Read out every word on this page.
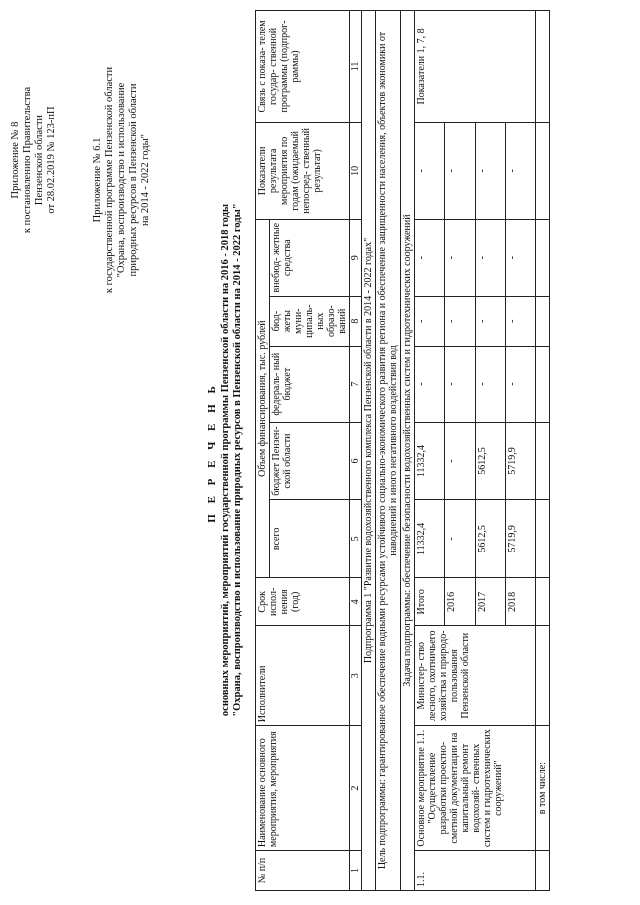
Приложение № 8 к постановлению Правительства Пензенской области от 28.02.2019 № 123-пП	Приложение № 6.1 к государственной программе Пензенской области "Охрана, воспроизводство и использование природных ресурсов в Пензенской области на 2014 - 2022 годы"
П Е Р Е Ч Е Н Ь основных мероприятий, мероприятий государственной программы Пензенской области на 2016 - 2018 годы "Охрана, воспроизводство и использование природных ресурсов в Пензенской области на 2014 - 2022 годы"
№ п/п	Наименование основного мероприятия, мероприятия	Исполнители	Срок испол- нения (год)	Объем финансирования, тыс. рублей					Показатели результата мероприятия по годам (ожидаемый непосред- ственный результат)	Связь с показа- телем государ- ственной программы (подпрог- раммы)
				всего	бюджет Пензен- ской области	федераль- ный бюджет	бюд- жеты муни- ципаль- ных образо- ваний	внебюд- жетные средства		
1	2	3	4	5	6	7	8	9	10	11
Подпрограмма 1 "Развитие водохозяйственного комплекса Пензенской области в 2014 - 2022 годах"										
Цель подпрограммы: гарантированное обеспечение водными ресурсами устойчивого социально-экономического развития региона и обеспечение защищенности населения, объектов экономики от наводнений и иного негативного воздействия вод										
Задача подпрограммы: обеспечение безопасности водохозяйственных систем и гидротехнических сооружений										
1.1.	Основное мероприятие 1.1. "Осуществление разработки проектно-сметной документации на капитальный ремонт водохозяй- ственных систем и гидротехнических сооружений"	Министер- ство лесного, охотничьего хозяйства и природо- пользования Пензенской области	Итого	11332,4	11332,4	-	-	-	-	Показатели 1, 7, 8
			2016	-	-	-	-	-	-	
			2017	5612,5	5612,5	-	-	-	-	
			2018	5719,9	5719,9	-	-	-	-	
	в том числе:									
